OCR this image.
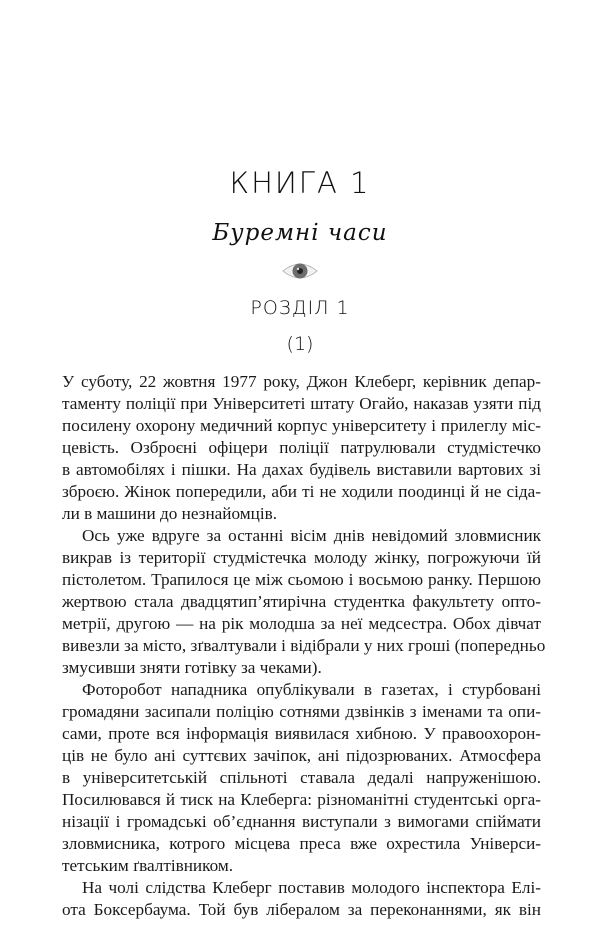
КНИГА 1
Буремні часи
РОЗДІЛ 1
(1)
У суботу, 22 жовтня 1977 року, Джон Клеберг, керівник депар-
таменту поліції при Університеті штату Огайо, наказав узяти під
посилену охорону медичний корпус університету і прилеглу міс-
цевість. Озброєні офіцери поліції патрулювали студмістечко
в автомобілях і пішки. На дахах будівель виставили вартових зі
зброєю. Жінок попередили, аби ті не ходили поодинці й не сіда-
ли в машини до незнайомців.
Ось уже вдруге за останні вісім днів невідомий зловмисник
викрав із території студмістечка молоду жінку, погрожуючи їй
пістолетом. Трапилося це між сьомою і восьмою ранку. Першою
жертвою стала двадцятип’ятирічна студентка факультету опто-
метрії, другою — на рік молодша за неї медсестра. Обох дівчат
вивезли за місто, зґвалтували і відібрали у них гроші (попередньо
змусивши зняти готівку за чеками).
Фоторобот нападника опублікували в газетах, і стурбовані
громадяни засипали поліцію сотнями дзвінків з іменами та опи-
сами, проте вся інформація виявилася хибною. У правоохорон-
ців не було ані суттєвих зачіпок, ані підозрюваних. Атмосфера
в університетській спільноті ставала дедалі напруженішою.
Посилювався й тиск на Клеберга: різноманітні студентські орга-
нізації і громадські об’єднання виступали з вимогами спіймати
зловмисника, котрого місцева преса вже охрестила Універси-
тетським ґвалтівником.
На чолі слідства Клеберг поставив молодого інспектора Елі-
ота Боксербаума. Той був лібералом за переконаннями, як він
